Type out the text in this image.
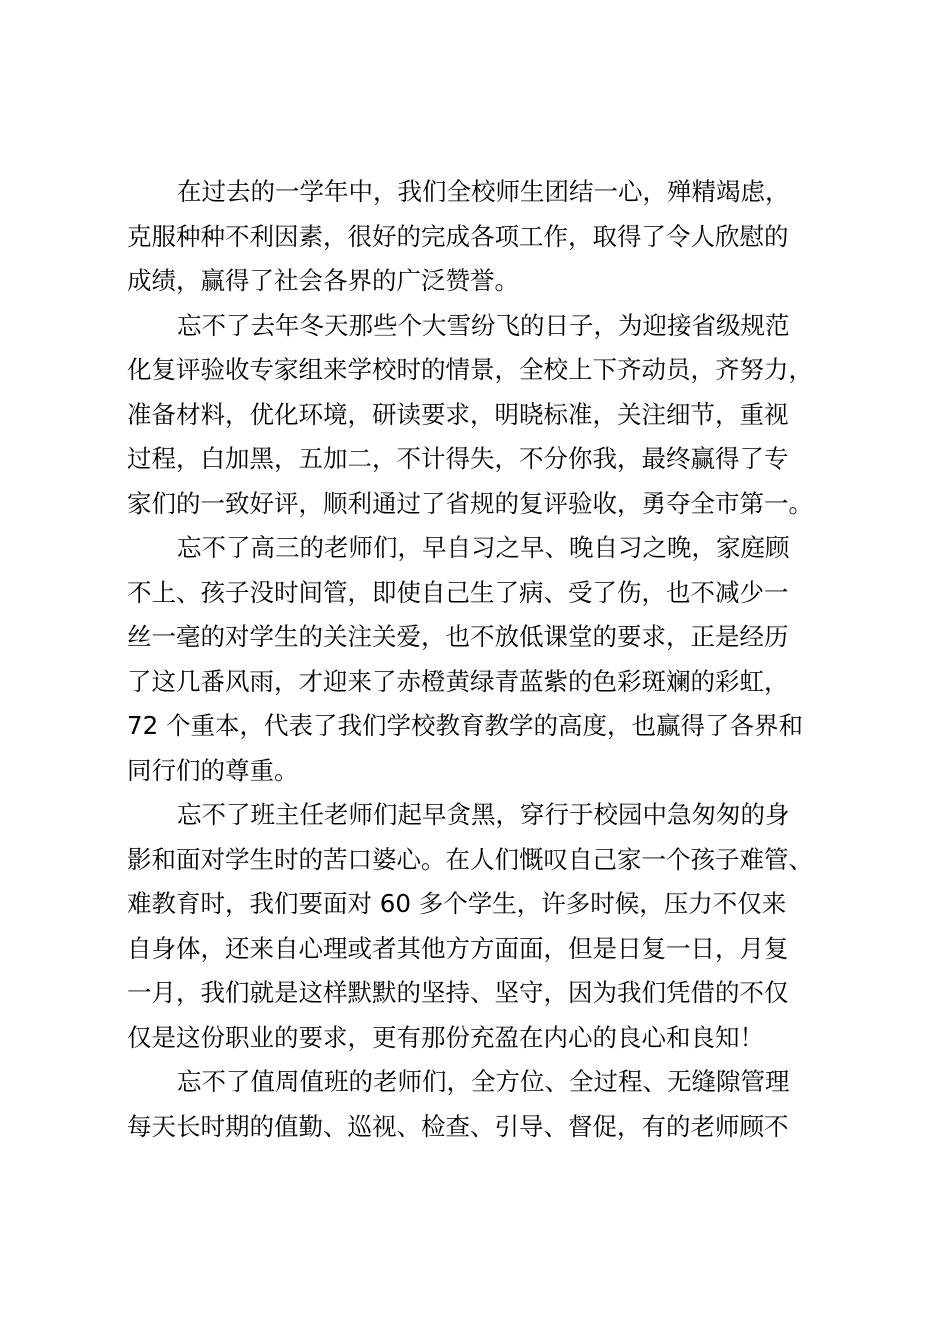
在过去的一学年中，我们全校师生团结一心，殚精竭虑，
克服种种不利因素，很好的完成各项工作，取得了令人欣慰的
成绩，赢得了社会各界的广泛赞誉。
忘不了去年冬天那些个大雪纷飞的日子，为迎接省级规范
化复评验收专家组来学校时的情景，全校上下齐动员，齐努力，
准备材料，优化环境，研读要求，明晓标准，关注细节，重视
过程，白加黑，五加二，不计得失，不分你我，最终赢得了专
家们的一致好评，顺利通过了省规的复评验收，勇夺全市第一。
忘不了高三的老师们，早自习之早、晚自习之晚，家庭顾
不上、孩子没时间管，即使自己生了病、受了伤，也不减少一
丝一毫的对学生的关注关爱，也不放低课堂的要求，正是经历
了这几番风雨，才迎来了赤橙黄绿青蓝紫的色彩斑斓的彩虹，
72 个重本，代表了我们学校教育教学的高度，也赢得了各界和
同行们的尊重。
忘不了班主任老师们起早贪黑，穿行于校园中急匆匆的身
影和面对学生时的苦口婆心。在人们慨叹自己家一个孩子难管、
难教育时，我们要面对 60 多个学生，许多时候，压力不仅来
自身体，还来自心理或者其他方方面面，但是日复一日，月复
一月，我们就是这样默默的坚持、坚守，因为我们凭借的不仅
仅是这份职业的要求，更有那份充盈在内心的良心和良知！
忘不了值周值班的老师们，全方位、全过程、无缝隙管理
每天长时期的值勤、巡视、检查、引导、督促，有的老师顾不
